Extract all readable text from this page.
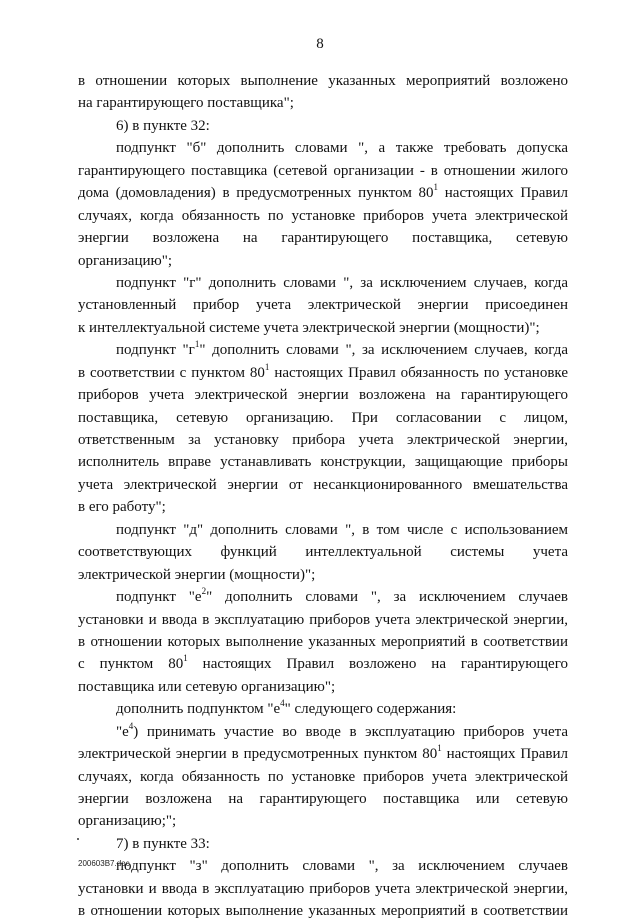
8
в отношении которых выполнение указанных мероприятий возложено
на гарантирующего поставщика";
6) в пункте 32:
подпункт "б" дополнить словами ", а также требовать допуска
гарантирующего поставщика (сетевой организации - в отношении жилого
дома (домовладения) в предусмотренных пунктом $80^1$ настоящих Правил
случаях, когда обязанность по установке приборов учета электрической
энергии возложена на гарантирующего поставщика, сетевую
организацию";
подпункт "г" дополнить словами ", за исключением случаев, когда
установленный прибор учета электрической энергии присоединен
к интеллектуальной системе учета электрической энергии (мощности)";
подпункт "$г^1$" дополнить словами ", за исключением случаев, когда
в соответствии с пунктом $80^1$ настоящих Правил обязанность по установке
приборов учета электрической энергии возложена на гарантирующего
поставщика, сетевую организацию. При согласовании с лицом,
ответственным за установку прибора учета электрической энергии,
исполнитель вправе устанавливать конструкции, защищающие приборы
учета электрической энергии от несанкционированного вмешательства
в его работу";
подпункт "д" дополнить словами ", в том числе с использованием
соответствующих функций интеллектуальной системы учета
электрической энергии (мощности)";
подпункт "$е^2$" дополнить словами ", за исключением случаев
установки и ввода в эксплуатацию приборов учета электрической энергии,
в отношении которых выполнение указанных мероприятий в соответствии
с пунктом $80^1$ настоящих Правил возложено на гарантирующего
поставщика или сетевую организацию";
дополнить подпунктом "$е^4$" следующего содержания:
"$е^4$) принимать участие во вводе в эксплуатацию приборов учета
электрической энергии в предусмотренных пунктом $80^1$ настоящих Правил
случаях, когда обязанность по установке приборов учета электрической
энергии возложена на гарантирующего поставщика или сетевую
организацию;";
7) в пункте 33:
подпункт "з" дополнить словами ", за исключением случаев
установки и ввода в эксплуатацию приборов учета электрической энергии,
в отношении которых выполнение указанных мероприятий в соответствии
200603В7.doc
